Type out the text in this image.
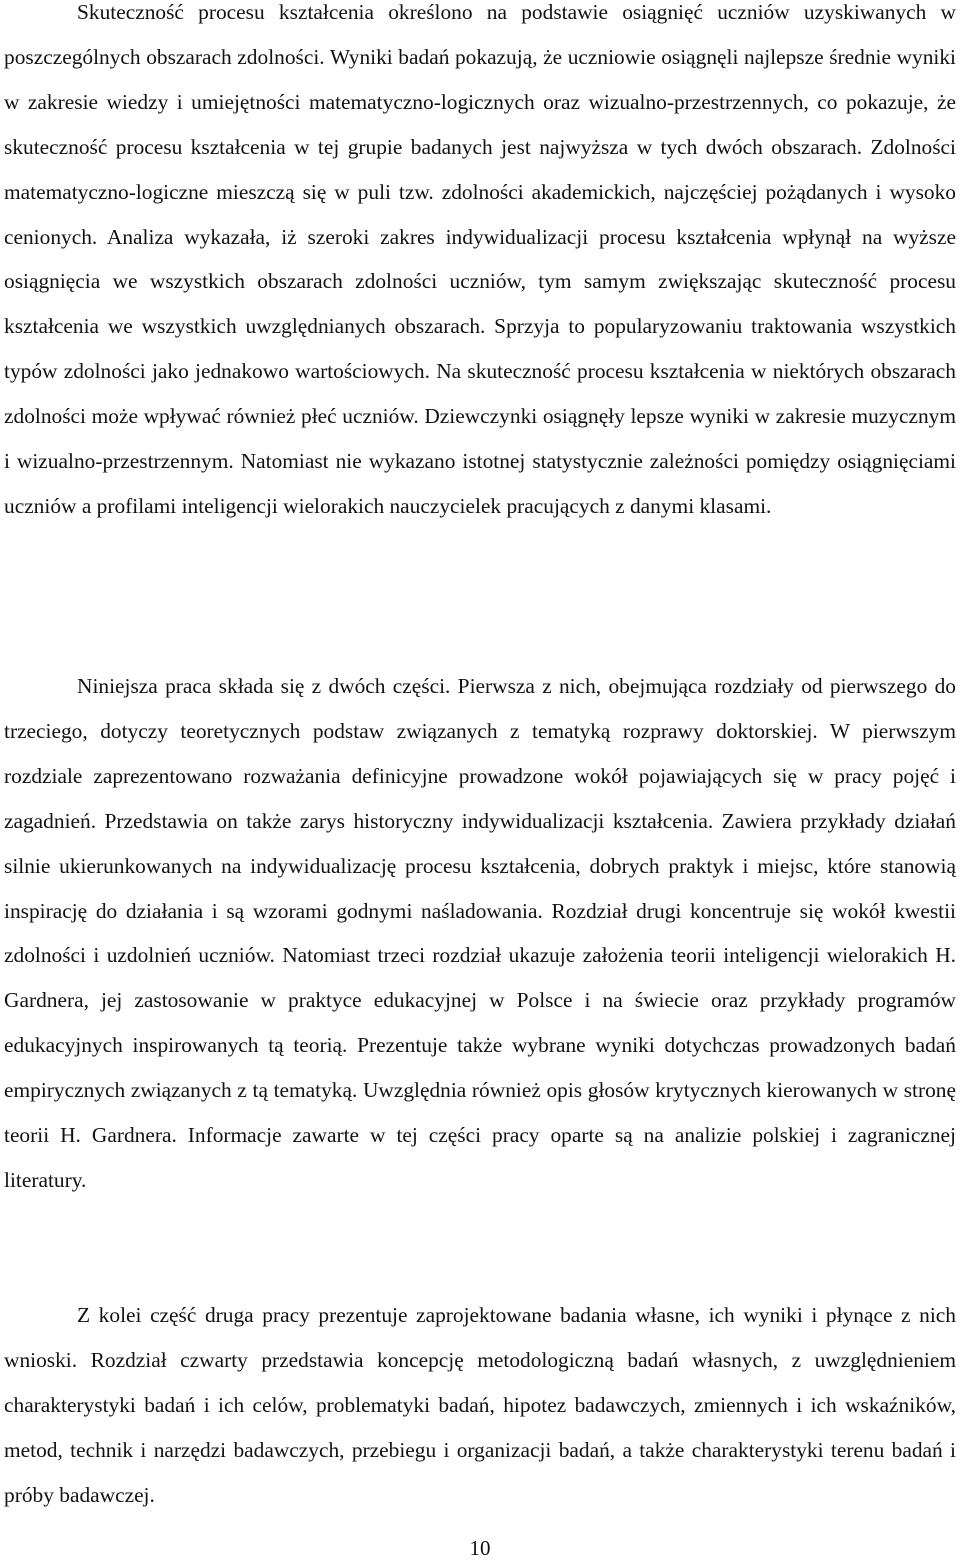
Skuteczność procesu kształcenia określono na podstawie osiągnięć uczniów uzyskiwanych w poszczególnych obszarach zdolności. Wyniki badań pokazują, że uczniowie osiągnęli najlepsze średnie wyniki w zakresie wiedzy i umiejętności matematyczno-logicznych oraz wizualno-przestrzennych, co pokazuje, że skuteczność procesu kształcenia w tej grupie badanych jest najwyższa w tych dwóch obszarach. Zdolności matematyczno-logiczne mieszczą się w puli tzw. zdolności akademickich, najczęściej pożądanych i wysoko cenionych. Analiza wykazała, iż szeroki zakres indywidualizacji procesu kształcenia wpłynął na wyższe osiągnięcia we wszystkich obszarach zdolności uczniów, tym samym zwiększając skuteczność procesu kształcenia we wszystkich uwzględnianych obszarach. Sprzyja to popularyzowaniu traktowania wszystkich typów zdolności jako jednakowo wartościowych. Na skuteczność procesu kształcenia w niektórych obszarach zdolności może wpływać również płeć uczniów. Dziewczynki osiągnęły lepsze wyniki w zakresie muzycznym i wizualno-przestrzennym. Natomiast nie wykazano istotnej statystycznie zależności pomiędzy osiągnięciami uczniów a profilami inteligencji wielorakich nauczycielek pracujących z danymi klasami.

Niniejsza praca składa się z dwóch części. Pierwsza z nich, obejmująca rozdziały od pierwszego do trzeciego, dotyczy teoretycznych podstaw związanych z tematyką rozprawy doktorskiej. W pierwszym rozdziale zaprezentowano rozważania definicyjne prowadzone wokół pojawiających się w pracy pojęć i zagadnień. Przedstawia on także zarys historyczny indywidualizacji kształcenia. Zawiera przykłady działań silnie ukierunkowanych na indywidualizację procesu kształcenia, dobrych praktyk i miejsc, które stanowią inspirację do działania i są wzorami godnymi naśladowania. Rozdział drugi koncentruje się wokół kwestii zdolności i uzdolnień uczniów. Natomiast trzeci rozdział ukazuje założenia teorii inteligencji wielorakich H. Gardnera, jej zastosowanie w praktyce edukacyjnej w Polsce i na świecie oraz przykłady programów edukacyjnych inspirowanych tą teorią. Prezentuje także wybrane wyniki dotychczas prowadzonych badań empirycznych związanych z tą tematyką. Uwzględnia również opis głosów krytycznych kierowanych w stronę teorii H. Gardnera. Informacje zawarte w tej części pracy oparte są na analizie polskiej i zagranicznej literatury.

Z kolei część druga pracy prezentuje zaprojektowane badania własne, ich wyniki i płynące z nich wnioski. Rozdział czwarty przedstawia koncepcję metodologiczną badań własnych, z uwzględnieniem charakterystyki badań i ich celów, problematyki badań, hipotez badawczych, zmiennych i ich wskaźników, metod, technik i narzędzi badawczych, przebiegu i organizacji badań, a także charakterystyki terenu badań i próby badawczej.

10
